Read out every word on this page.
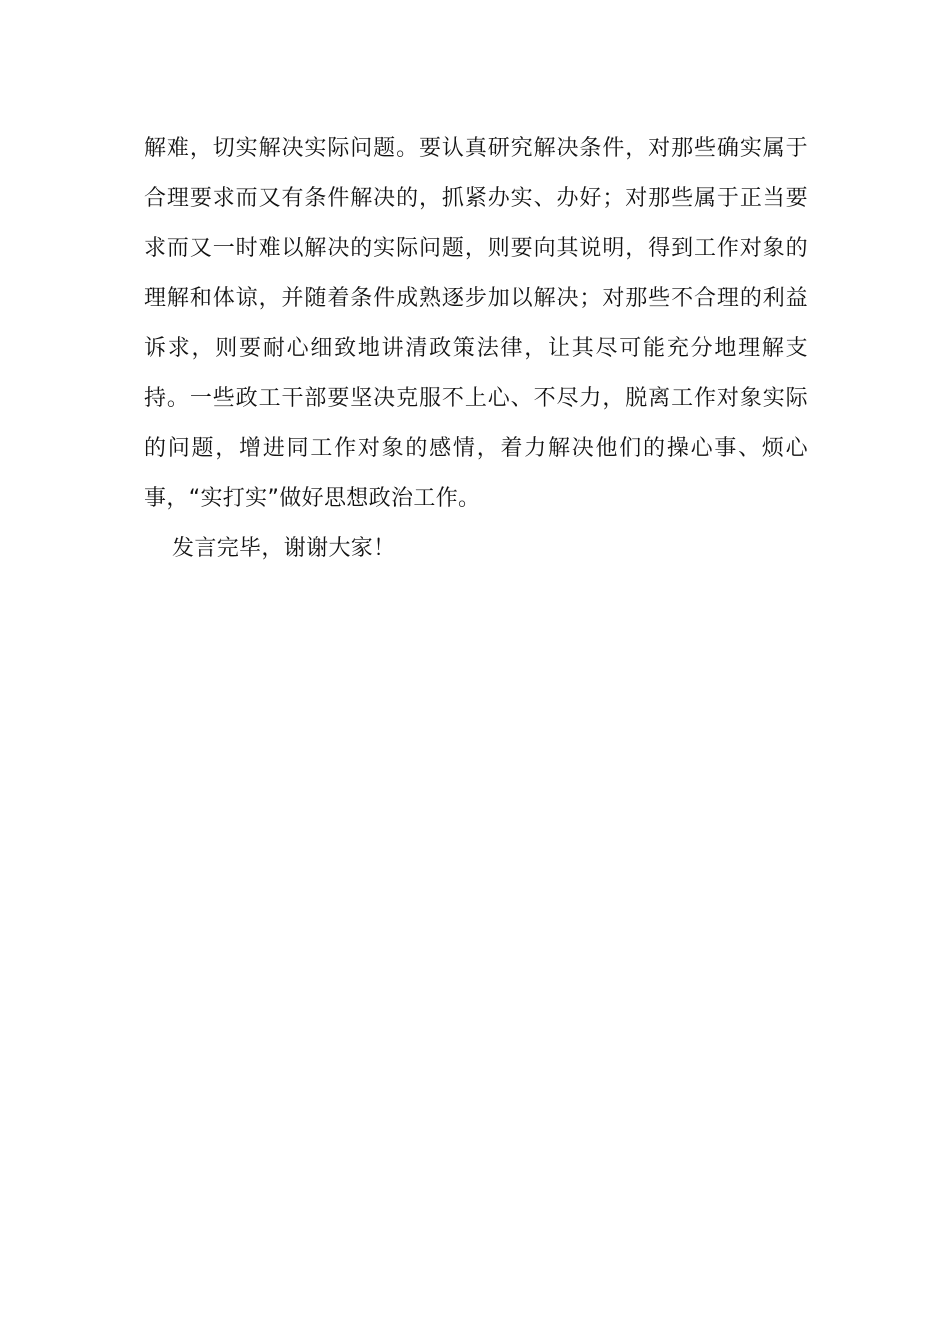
解难，切实解决实际问题。要认真研究解决条件，对那些确实属于
合理要求而又有条件解决的，抓紧办实、办好；对那些属于正当要
求而又一时难以解决的实际问题，则要向其说明，得到工作对象的
理解和体谅，并随着条件成熟逐步加以解决；对那些不合理的利益
诉求，则要耐心细致地讲清政策法律，让其尽可能充分地理解支
持。一些政工干部要坚决克服不上心、不尽力，脱离工作对象实际
的问题，增进同工作对象的感情，着力解决他们的操心事、烦心
事，“实打实”做好思想政治工作。
发言完毕，谢谢大家！
